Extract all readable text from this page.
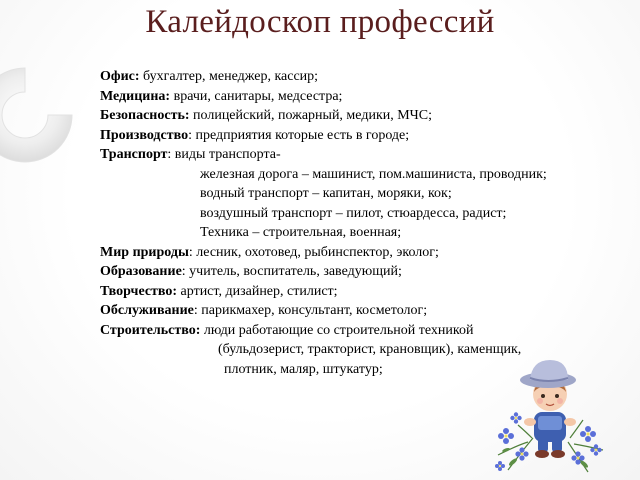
Калейдоскоп профессий
Офис: бухгалтер, менеджер, кассир;
Медицина: врачи, санитары, медсестра;
Безопасность: полицейский, пожарный, медики, МЧС;
Производство: предприятия которые есть в городе;
Транспорт: виды транспорта-
железная дорога – машинист, пом.машиниста, проводник;
водный транспорт – капитан, моряки, кок;
воздушный транспорт – пилот, стюардесса, радист;
Техника – строительная, военная;
Мир природы: лесник, охотовед, рыбинспектор, эколог;
Образование: учитель, воспитатель, заведующий;
Творчество: артист, дизайнер, стилист;
Обслуживание: парикмахер, консультант, косметолог;
Строительство: люди работающие со строительной техникой
(бульдозерист, тракторист, крановщик), каменщик,
плотник, маляр, штукатур;
